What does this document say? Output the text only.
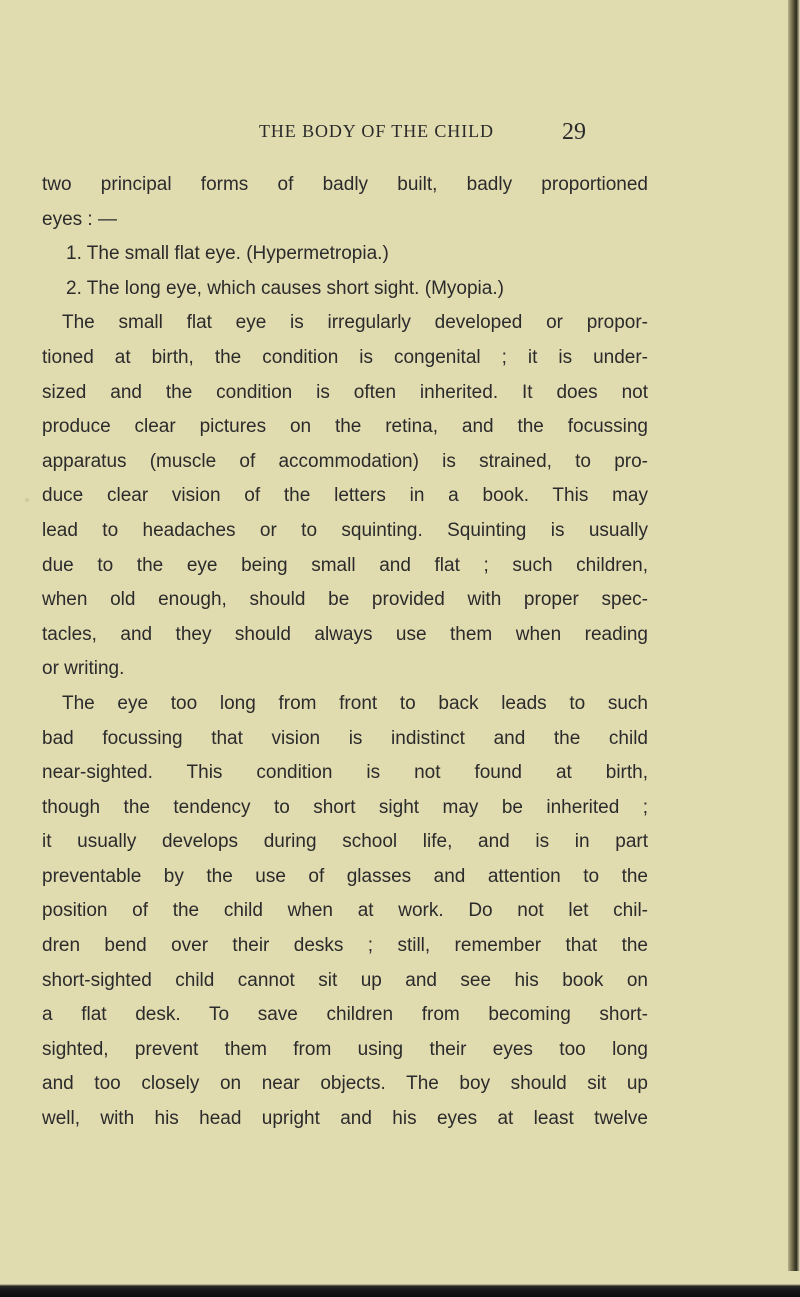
THE BODY OF THE CHILD	29
two principal forms of badly built, badly proportioned
eyes : —
1. The small flat eye. (Hypermetropia.)
2. The long eye, which causes short sight. (Myopia.)
The small flat eye is irregularly developed or propor-
tioned at birth, the condition is congenital ; it is under-
sized and the condition is often inherited. It does not
produce clear pictures on the retina, and the focussing
apparatus (muscle of accommodation) is strained, to pro-
duce clear vision of the letters in a book. This may
lead to headaches or to squinting. Squinting is usually
due to the eye being small and flat ; such children,
when old enough, should be provided with proper spec-
tacles, and they should always use them when reading
or writing.
The eye too long from front to back leads to such
bad focussing that vision is indistinct and the child
near-sighted. This condition is not found at birth,
though the tendency to short sight may be inherited ;
it usually develops during school life, and is in part
preventable by the use of glasses and attention to the
position of the child when at work. Do not let chil-
dren bend over their desks ; still, remember that the
short-sighted child cannot sit up and see his book on
a flat desk. To save children from becoming short-
sighted, prevent them from using their eyes too long
and too closely on near objects. The boy should sit up
well, with his head upright and his eyes at least twelve
